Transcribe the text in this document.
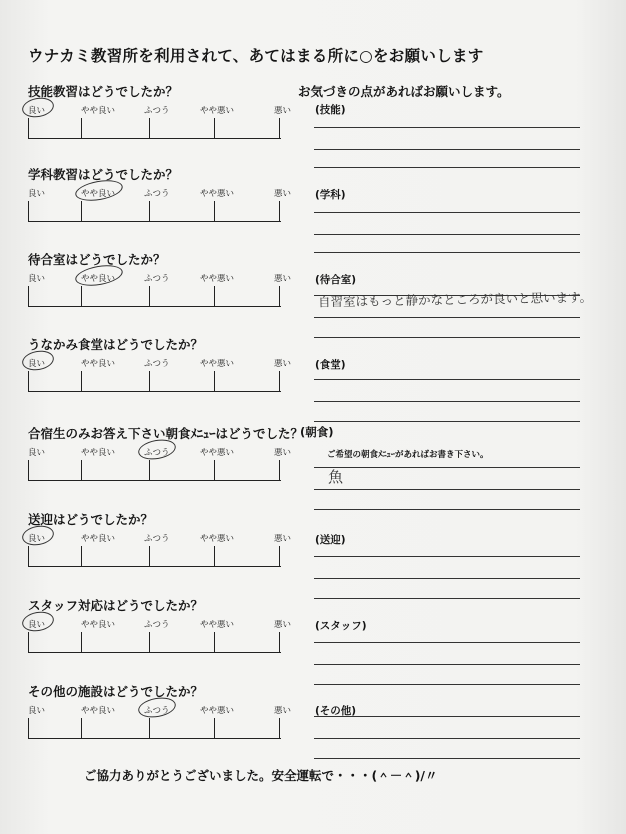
ウナカミ教習所を利用されて、あてはまる所に○をお願いします
お気づきの点があればお願いします。
技能教習はどうでしたか？
良い	やや良い	ふつう	やや悪い	悪い
学科教習はどうでしたか？
良い	やや良い	ふつう	やや悪い	悪い
待合室はどうでしたか？
良い	やや良い	ふつう	やや悪い	悪い
うなかみ食堂はどうでしたか？
良い	やや良い	ふつう	やや悪い	悪い
合宿生のみお答え下さい朝食ﾒﾆｭｰはどうでした？
良い	やや良い	ふつう	やや悪い	悪い
送迎はどうでしたか？
良い	やや良い	ふつう	やや悪い	悪い
スタッフ対応はどうでしたか？
良い	やや良い	ふつう	やや悪い	悪い
その他の施設はどうでしたか？
良い	やや良い	ふつう	やや悪い	悪い
(技能)
(学科)
(待合室)
(食堂)
(朝食)
(送迎)
(スタッフ)
(その他)
ご希望の朝食ﾒﾆｭｰがあればお書き下さい。
自習室はもっと静かなところが良いと思います。
魚
ご協力ありがとうございました。安全運転で・・・(＾－＾)/〃
